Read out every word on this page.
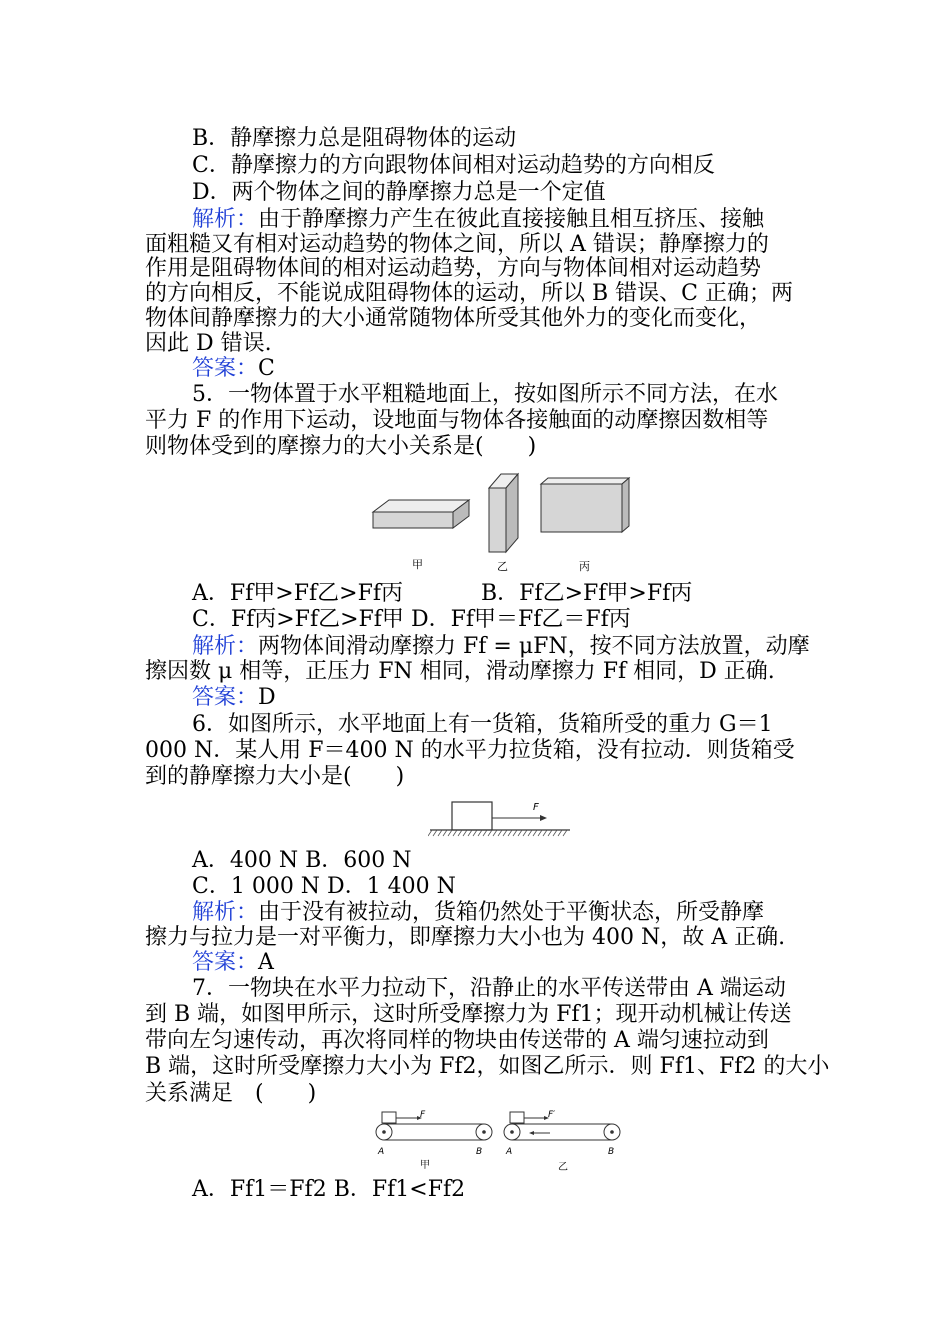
B．静摩擦力总是阻碍物体的运动
C．静摩擦力的方向跟物体间相对运动趋势的方向相反
D．两个物体之间的静摩擦力总是一个定值
解析：由于静摩擦力产生在彼此直接接触且相互挤压、接触
面粗糙又有相对运动趋势的物体之间，所以 A 错误；静摩擦力的
作用是阻碍物体间的相对运动趋势，方向与物体间相对运动趋势
的方向相反，不能说成阻碍物体的运动，所以 B 错误、C 正确；两
物体间静摩擦力的大小通常随物体所受其他外力的变化而变化，
因此 D 错误.
答案：C
5．一物体置于水平粗糙地面上，按如图所示不同方法，在水
平力 F 的作用下运动，设地面与物体各接触面的动摩擦因数相等
则物体受到的摩擦力的大小关系是(　　)
甲	乙	丙
A．Ff甲>Ff乙>Ff丙	B．Ff乙>Ff甲>Ff丙
C．Ff丙>Ff乙>Ff甲 D．Ff甲＝Ff乙＝Ff丙
解析：两物体间滑动摩擦力 Ff = μFN，按不同方法放置，动摩
擦因数 μ 相等，正压力 FN 相同，滑动摩擦力 Ff 相同，D 正确.
答案：D
6．如图所示，水平地面上有一货箱，货箱所受的重力 G＝1
000 N．某人用 F＝400 N 的水平力拉货箱，没有拉动．则货箱受
到的静摩擦力大小是(　　)
F
A．400 N B．600 N
C．1 000 N D．1 400 N
解析：由于没有被拉动，货箱仍然处于平衡状态，所受静摩
擦力与拉力是一对平衡力，即摩擦力大小也为 400 N，故 A 正确.
答案：A
7．一物块在水平力拉动下，沿静止的水平传送带由 A 端运动
到 B 端，如图甲所示，这时所受摩擦力为 Ff1；现开动机械让传送
带向左匀速传动，再次将同样的物块由传送带的 A 端匀速拉动到
B 端，这时所受摩擦力大小为 Ff2，如图乙所示．则 Ff1、Ff2 的大小
关系满足　(　　)
F
A	B
甲
F′
A	B
乙
A．Ff1＝Ff2 B．Ff1<Ff2
